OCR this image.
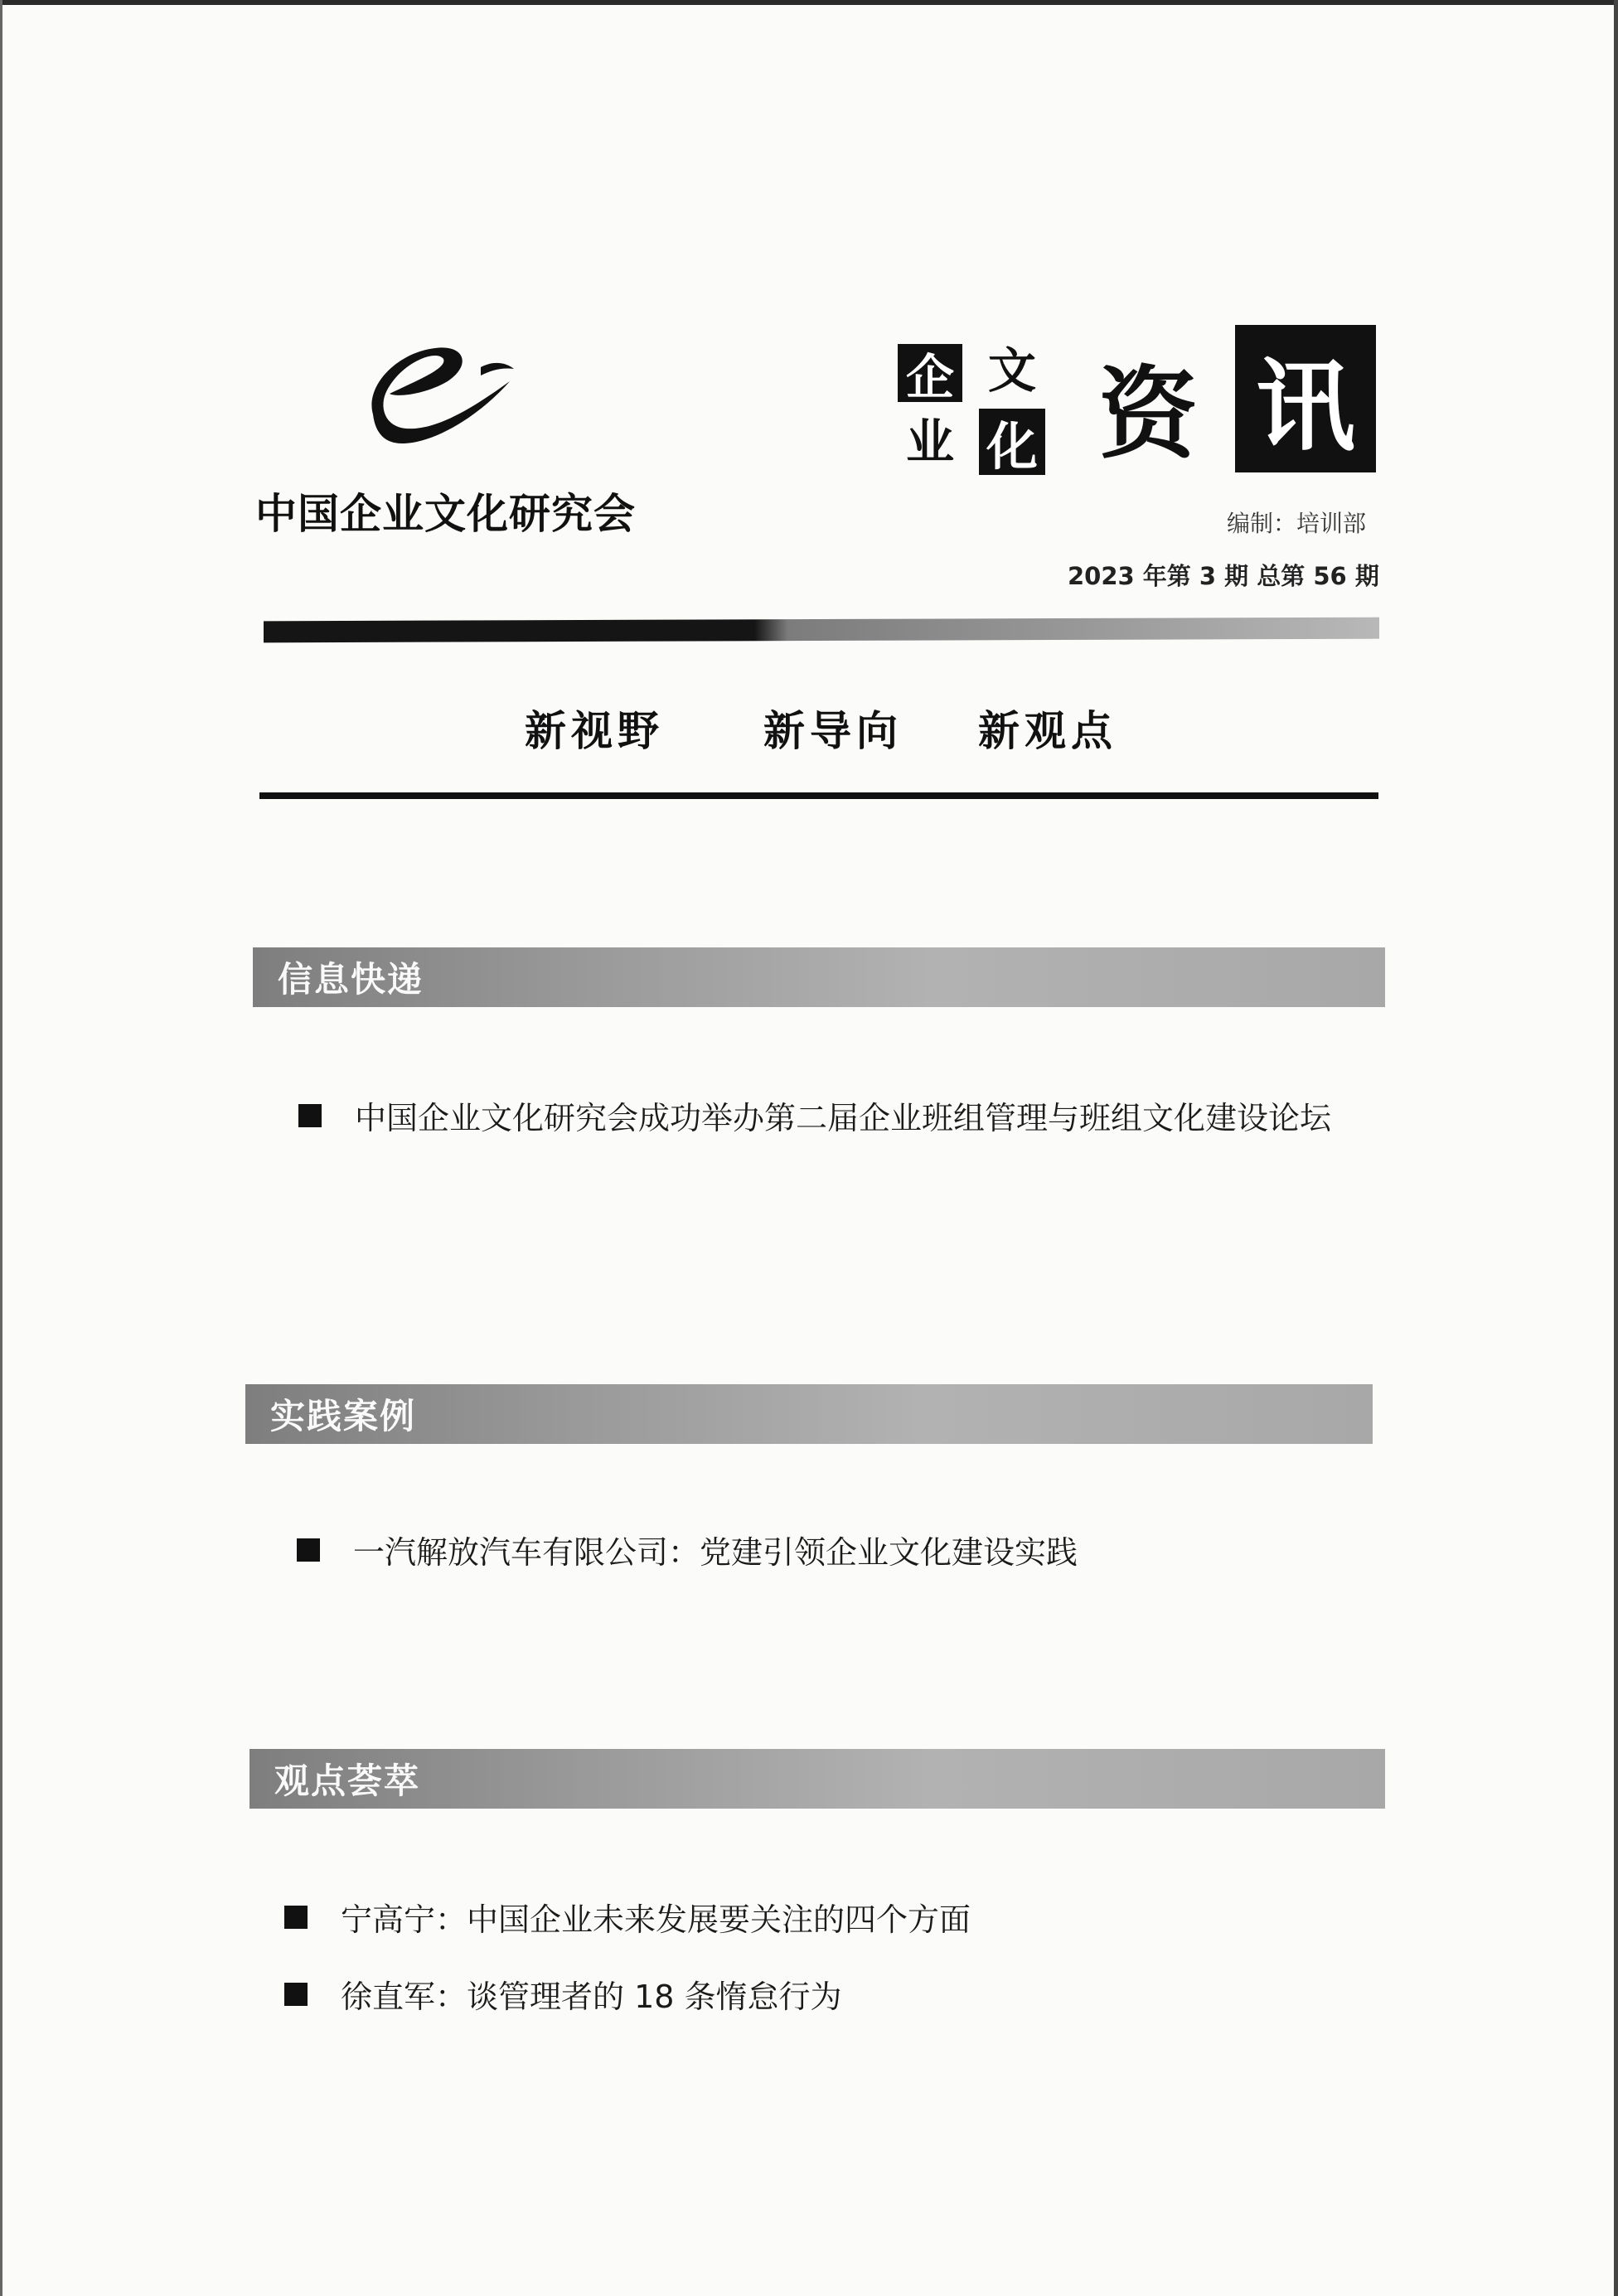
中国企业文化研究会
企 文
业 化 资 讯
编制：培训部
2023 年第 3 期 总第 56 期
新视野 新导向 新观点
信息快递
中国企业文化研究会成功举办第二届企业班组管理与班组文化建设论坛
实践案例
一汽解放汽车有限公司：党建引领企业文化建设实践
观点荟萃
宁高宁：中国企业未来发展要关注的四个方面
徐直军：谈管理者的 18 条惰怠行为
